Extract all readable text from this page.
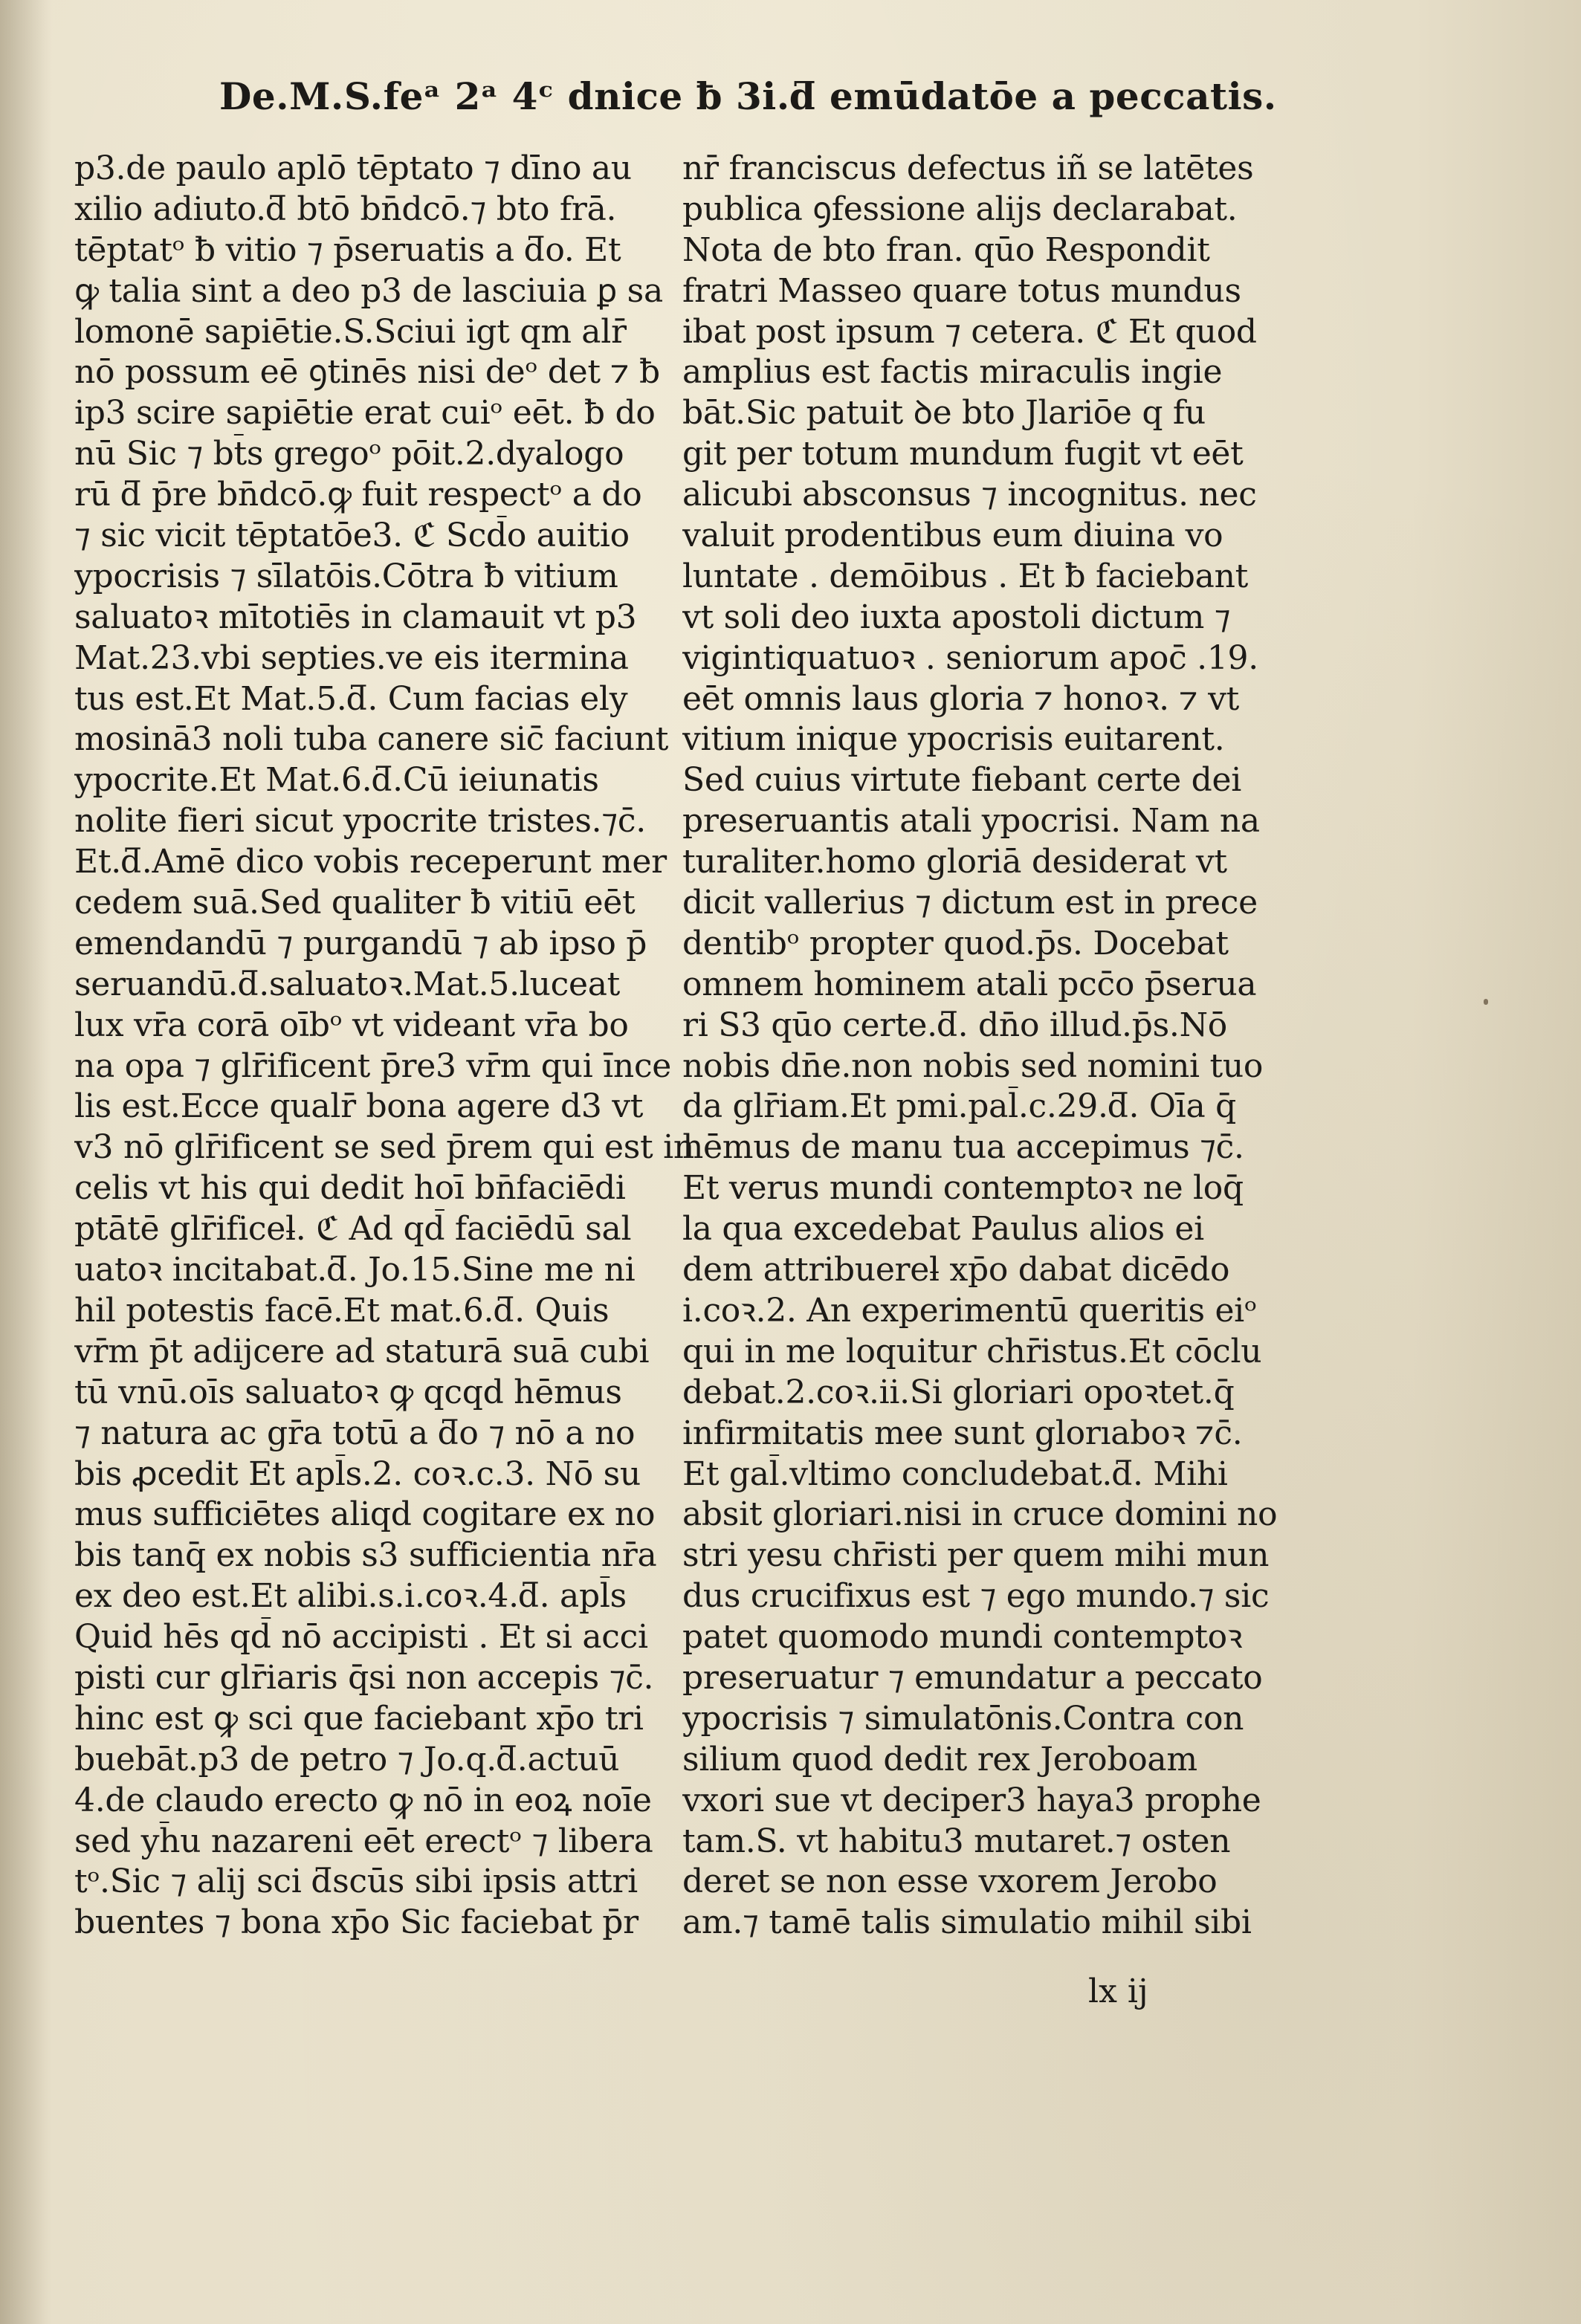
De.M.S.feᵃ 2ᵃ 4ᶜ dnice ƀ 3i.ƌ emūdatōe a peccatis.
p3.de paulo aplō tēptato ⁊ dīno au
xilio adiuto.ƌ btō bn̄dcō.⁊ bto frā.
tēptatᵒ ƀ vitio ⁊ p̄seruatis a ƌo. Et
ꝙ talia sint a deo p3 de lasciuia ꝑ sa
lomonē sapiētie.S.Sciui igt qm alr̄
nō possum eē ꝯtinēs nisi deᵒ det ⁊ ƀ
ip3 scire sapiētie erat cuiᵒ eēt. ƀ do
nū Sic ⁊ bt̄s gregoᵒ pōit.2.dyalogo
rū ƌ p̄re bn̄dcō.ꝙ fuit respectᵒ a do
⁊ sic vicit tēptatōe3. ℭ Scd̄o auitio
ypocrisis ⁊ sīlatōis.Cōtra ƀ vitium
saluatoꝛ mītotiēs in clamauit vt p3
Mat.23.vbi septies.ve eis itermina
tus est.Et Mat.5.ƌ. Cum facias ely
mosinā3 noli tuba canere sic̄ faciunt
ypocrite.Et Mat.6.ƌ.Cū ieiunatis
nolite fieri sicut ypocrite tristes.⁊c̄.
Et.ƌ.Amē dico vobis receperunt mer
cedem suā.Sed qualiter ƀ vitiū eēt
emendandū ⁊ purgandū ⁊ ab ipso p̄
seruandū.ƌ.saluatoꝛ.Mat.5.luceat
lux vr̄a corā oībᵒ vt videant vr̄a bo
na opa ⁊ glr̄ificent p̄re3 vr̄m qui ı̄nce
lis est.Ecce qualr̄ bona agere d3 vt
v3 nō glr̄ificent se sed p̄rem qui est in
celis vt his qui dedit hoī bn̄faciēdi
ptātē glr̄ificeƚ. ℭ Ad qd̄ faciēdū sal
uatoꝛ incitabat.ƌ. Jo.15.Sine me ni
hil potestis facē.Et mat.6.ƌ. Quis
vr̄m p̄t adijcere ad staturā suā cubi
tū vnū.oīs saluatoꝛ ꝙ qcqd hēmus
⁊ natura ac gr̄a totū a ƌo ⁊ nō a no
bis ꝓcedit Et apl̄s.2. coꝛ.c.3. Nō su
mus sufficiētes aliqd cogitare ex no
bis tanq̄ ex nobis s3 sufficientia nr̄a
ex deo est.Et alibi.s.i.coꝛ.4.ƌ. apl̄s
Quid hēs qd̄ nō accipisti . Et si acci
pisti cur glr̄iaris q̄si non accepis ⁊c̄.
hinc est ꝙ sci que faciebant xp̄o tri
buebāt.p3 de petro ⁊ Jo.q.ƌ.actuū
4.de claudo erecto ꝙ nō in eoꝝ noīe
sed yh̄u nazareni eēt erectᵒ ⁊ libera
tᵒ.Sic ⁊ alij sci ƌscūs sibi ipsis attri
buentes ⁊ bona xp̄o Sic faciebat p̄r
nr̄ franciscus defectus iñ se latētes
publica ꝯfessione alijs declarabat.
Nota de bto fran. qūo Respondit
fratri Masseo quare totus mundus
ibat post ipsum ⁊ cetera. ℭ Et quod
amplius est factis miraculis ingie
bāt.Sic patuit ꝺe bto Jlariōe q fu
git per totum mundum fugit vt eēt
alicubi absconsus ⁊ incognitus. nec
valuit prodentibus eum diuina vo
luntate . demōibus . Et ƀ faciebant
vt soli deo iuxta apostoli dictum ⁊
vigintiquatuoꝛ . seniorum apoc̄ .19.
eēt omnis laus gloria ⁊ honoꝛ. ⁊ vt
vitium inique ypocrisis euitarent.
Sed cuius virtute fiebant certe dei
preseruantis atali ypocrisi. Nam na
turaliter.homo gloriā desiderat vt
dicit vallerius ⁊ dictum est in prece
dentibᵒ propter quod.p̄s. Docebat
omnem hominem atali pcc̄o p̄serua
ri S3 qūo certe.ƌ. dn̄o illud.p̄s.Nō
nobis dn̄e.non nobis sed nomini tuo
da glr̄iam.Et pmi.pal̄.c.29.ƌ. Oīa q̄
hēmus de manu tua accepimus ⁊c̄.
Et verus mundi contemptoꝛ ne loq̄
la qua excedebat Paulus alios ei
dem attribuereƚ xp̄o dabat dicēdo
i.coꝛ.2. An experimentū queritis eiᵒ
qui in me loquitur chr̄istus.Et cōclu
debat.2.coꝛ.ii.Si gloriari opoꝛtet.q̄
infirmitatis mee sunt glorıaboꝛ ⁊c̄.
Et gal̄.vltimo concludebat.ƌ. Mihi
absit gloriari.nisi in cruce domini no
stri yesu chr̄isti per quem mihi mun
dus crucifixus est ⁊ ego mundo.⁊ sic
patet quomodo mundi contemptoꝛ
preseruatur ⁊ emundatur a peccato
ypocrisis ⁊ simulatōnis.Contra con
silium quod dedit rex Jeroboam
vxori sue vt deciper3 haya3 prophe
tam.S. vt habitu3 mutaret.⁊ osten
deret se non esse vxorem Jerobo
am.⁊ tamē talis simulatio mihil sibi
lx ij
